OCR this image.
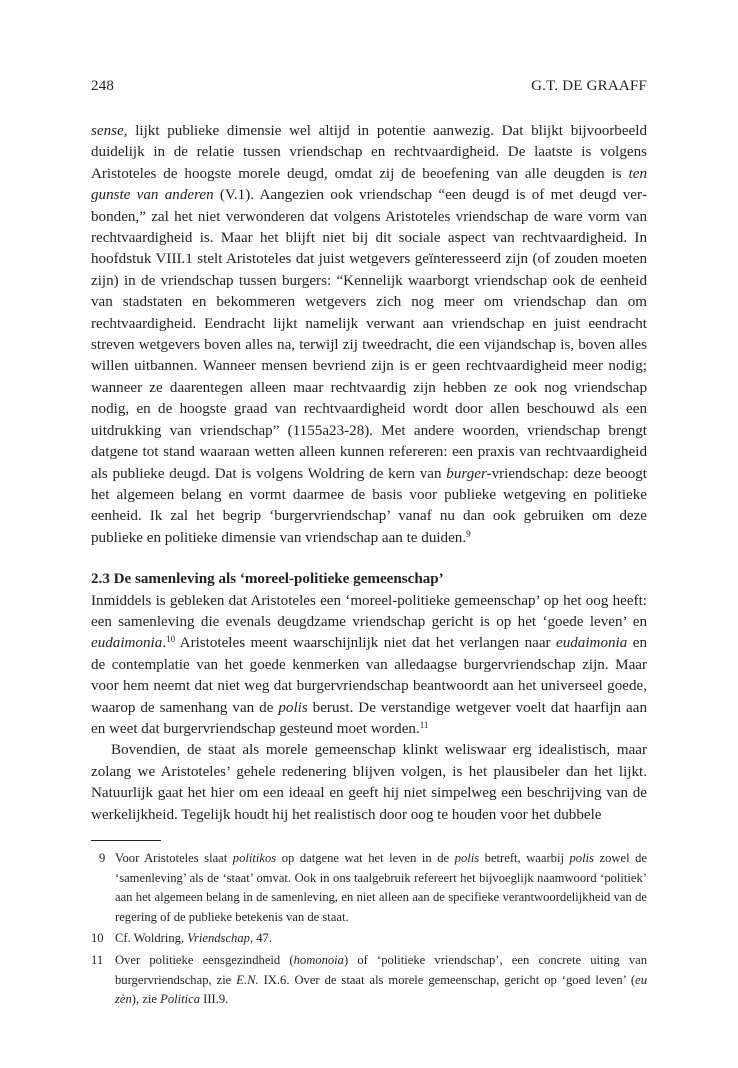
248	G.T. DE GRAAFF

sense, lijkt publieke dimensie wel altijd in potentie aanwezig. Dat blijkt bijvoorbeeld duidelijk in de relatie tussen vriendschap en rechtvaardigheid. De laatste is volgens Aristoteles de hoogste morele deugd, omdat zij de beoefening van alle deugden is ten gunste van anderen (V.1). Aangezien ook vriendschap “een deugd is of met deugd verbonden,” zal het niet verwonderen dat volgens Aristoteles vriendschap de ware vorm van rechtvaardigheid is. Maar het blijft niet bij dit sociale aspect van rechtvaardigheid. In hoofdstuk VIII.1 stelt Aristoteles dat juist wetgevers geïnteresseerd zijn (of zouden moeten zijn) in de vriendschap tussen burgers: “Kennelijk waarborgt vriendschap ook de eenheid van stadstaten en bekommeren wetgevers zich nog meer om vriendschap dan om rechtvaardigheid. Eendracht lijkt namelijk verwant aan vriendschap en juist eendracht streven wetgevers boven alles na, terwijl zij tweedracht, die een vijandschap is, boven alles willen uitbannen. Wanneer mensen bevriend zijn is er geen rechtvaardigheid meer nodig; wanneer ze daarentegen alleen maar rechtvaardig zijn hebben ze ook nog vriendschap nodig, en de hoogste graad van rechtvaardigheid wordt door allen beschouwd als een uitdrukking van vriendschap” (1155a23-28). Met andere woorden, vriendschap brengt datgene tot stand waaraan wetten alleen kunnen refereren: een praxis van rechtvaardigheid als publieke deugd. Dat is volgens Woldring de kern van burger-vriendschap: deze beoogt het algemeen belang en vormt daarmee de basis voor publieke wetgeving en politieke eenheid. Ik zal het begrip ‘burgervriendschap’ vanaf nu dan ook gebruiken om deze publieke en politieke dimensie van vriendschap aan te duiden.$^9$

2.3 De samenleving als ‘moreel-politieke gemeenschap’

Inmiddels is gebleken dat Aristoteles een ‘moreel-politieke gemeenschap’ op het oog heeft: een samenleving die evenals deugdzame vriendschap gericht is op het ‘goede leven’ en eudaimonia.$^{10}$ Aristoteles meent waarschijnlijk niet dat het verlangen naar eudaimonia en de contemplatie van het goede kenmerken van alledaagse burgervriendschap zijn. Maar voor hem neemt dat niet weg dat burgervriendschap beantwoordt aan het universeel goede, waarop de samenhang van de polis berust. De verstandige wetgever voelt dat haarfijn aan en weet dat burgervriendschap gesteund moet worden.$^{11}$

Bovendien, de staat als morele gemeenschap klinkt weliswaar erg idealistisch, maar zolang we Aristoteles’ gehele redenering blijven volgen, is het plausibeler dan het lijkt. Natuurlijk gaat het hier om een ideaal en geeft hij niet simpelweg een beschrijving van de werkelijkheid. Tegelijk houdt hij het realistisch door oog te houden voor het dubbele

9 Voor Aristoteles slaat politikos op datgene wat het leven in de polis betreft, waarbij polis zowel de ‘samenleving’ als de ‘staat’ omvat. Ook in ons taalgebruik refereert het bijvoeglijk naamwoord ‘politiek’ aan het algemeen belang in de samenleving, en niet alleen aan de specifieke verantwoordelijkheid van de regering of de publieke betekenis van de staat.
10 Cf. Woldring, Vriendschap, 47.
11 Over politieke eensgezindheid (homonoia) of ‘politieke vriendschap’, een concrete uiting van burgervriendschap, zie E.N. IX.6. Over de staat als morele gemeenschap, gericht op ‘goed leven’ (eu zèn), zie Politica III.9.
